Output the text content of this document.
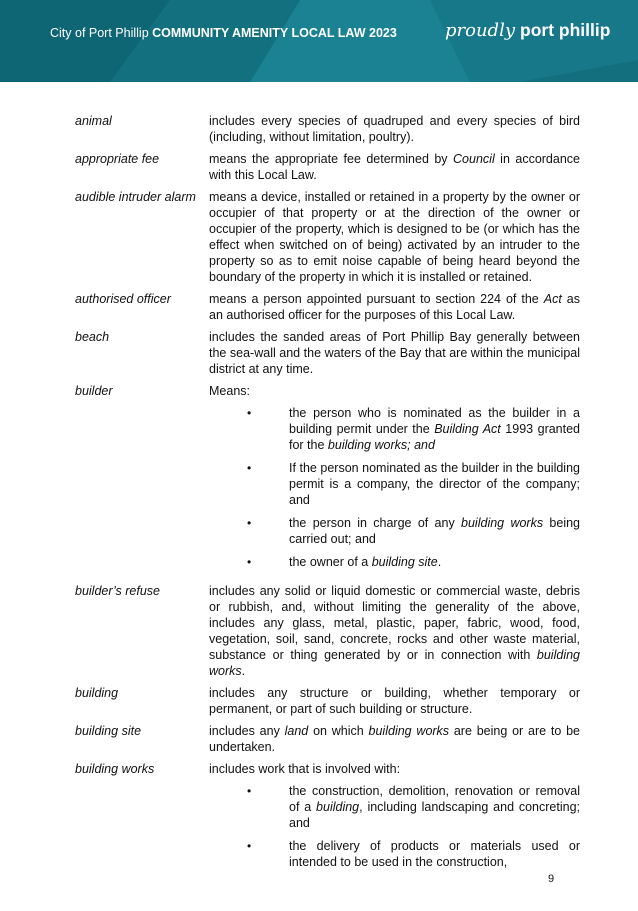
City of Port Phillip COMMUNITY AMENITY LOCAL LAW 2023	proudly port phillip
animal	includes every species of quadruped and every species of bird (including, without limitation, poultry).
appropriate fee	means the appropriate fee determined by Council in accordance with this Local Law.
audible intruder alarm	means a device, installed or retained in a property by the owner or occupier of that property or at the direction of the owner or occupier of the property, which is designed to be (or which has the effect when switched on of being) activated by an intruder to the property so as to emit noise capable of being heard beyond the boundary of the property in which it is installed or retained.
authorised officer	means a person appointed pursuant to section 224 of the Act as an authorised officer for the purposes of this Local Law.
beach	includes the sanded areas of Port Phillip Bay generally between the sea-wall and the waters of the Bay that are within the municipal district at any time.
builder	Means:
•	the person who is nominated as the builder in a building permit under the Building Act 1993 granted for the building works; and
•	If the person nominated as the builder in the building permit is a company, the director of the company; and
•	the person in charge of any building works being carried out; and
•	the owner of a building site.
builder’s refuse	includes any solid or liquid domestic or commercial waste, debris or rubbish, and, without limiting the generality of the above, includes any glass, metal, plastic, paper, fabric, wood, food, vegetation, soil, sand, concrete, rocks and other waste material, substance or thing generated by or in connection with building works.
building	includes any structure or building, whether temporary or permanent, or part of such building or structure.
building site	includes any land on which building works are being or are to be undertaken.
building works	includes work that is involved with:
•	the construction, demolition, renovation or removal of a building, including landscaping and concreting; and
•	the delivery of products or materials used or intended to be used in the construction,
9
